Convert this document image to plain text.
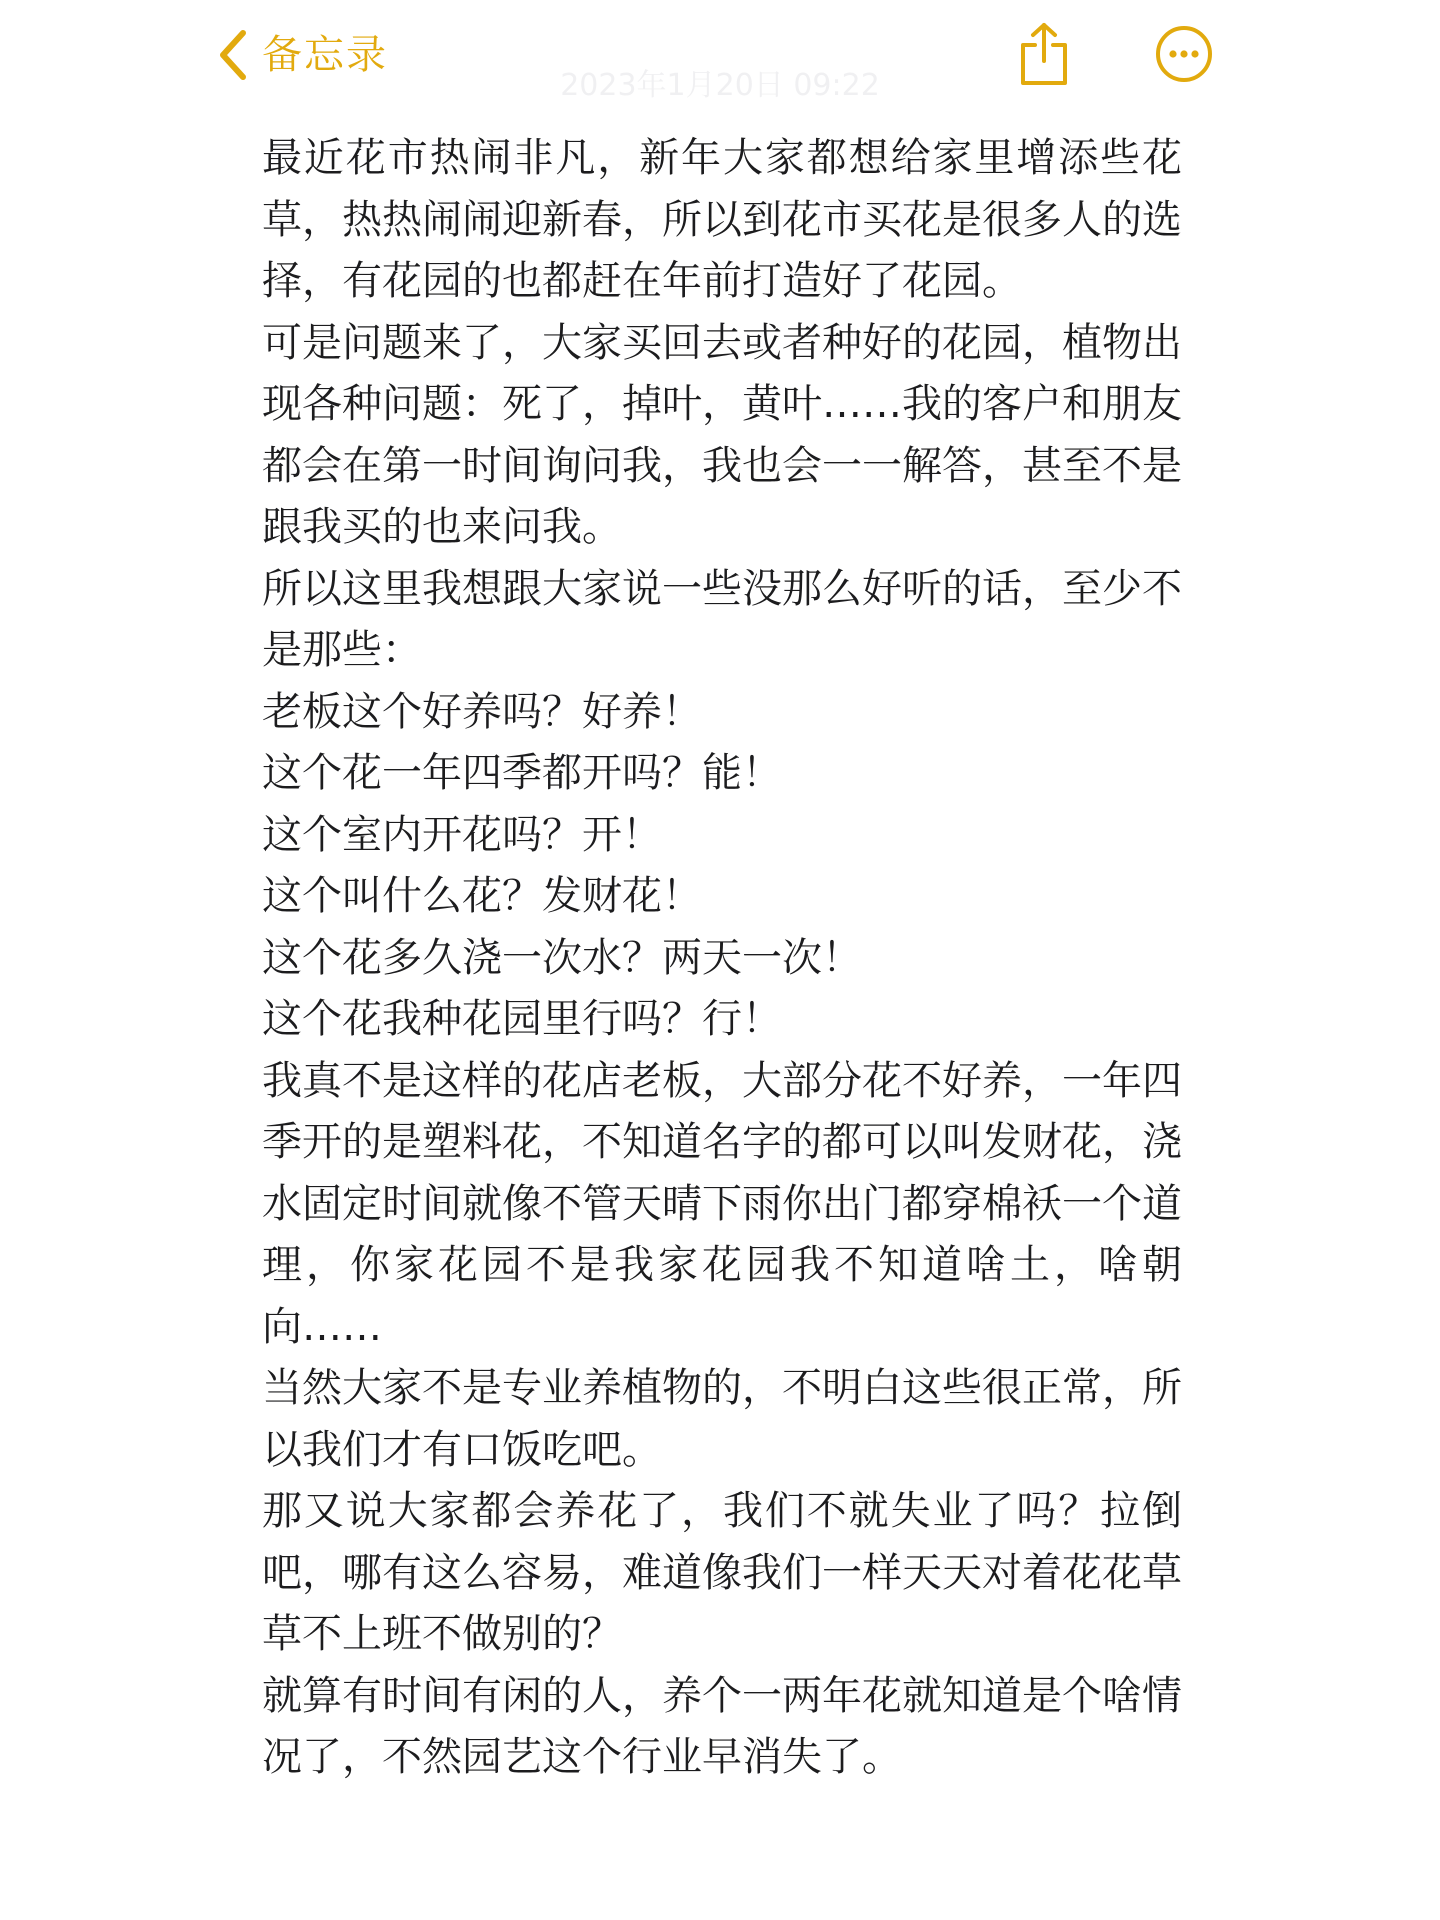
备忘录
2023年1月20日 09:22

最近花市热闹非凡，新年大家都想给家里增添些花草，热热闹闹迎新春，所以到花市买花是很多人的选择，有花园的也都赶在年前打造好了花园。

可是问题来了，大家买回去或者种好的花园，植物出现各种问题：死了，掉叶，黄叶……我的客户和朋友都会在第一时间询问我，我也会一一解答，甚至不是跟我买的也来问我。

所以这里我想跟大家说一些没那么好听的话，至少不是那些：

老板这个好养吗？好养！

这个花一年四季都开吗？能！

这个室内开花吗？开！

这个叫什么花？发财花！

这个花多久浇一次水？两天一次！

这个花我种花园里行吗？行！

我真不是这样的花店老板，大部分花不好养，一年四季开的是塑料花，不知道名字的都可以叫发财花，浇水固定时间就像不管天晴下雨你出门都穿棉袄一个道理，你家花园不是我家花园我不知道啥土，啥朝向……

当然大家不是专业养植物的，不明白这些很正常，所以我们才有口饭吃吧。

那又说大家都会养花了，我们不就失业了吗？拉倒吧，哪有这么容易，难道像我们一样天天对着花花草草不上班不做别的？

就算有时间有闲的人，养个一两年花就知道是个啥情况了，不然园艺这个行业早消失了。
